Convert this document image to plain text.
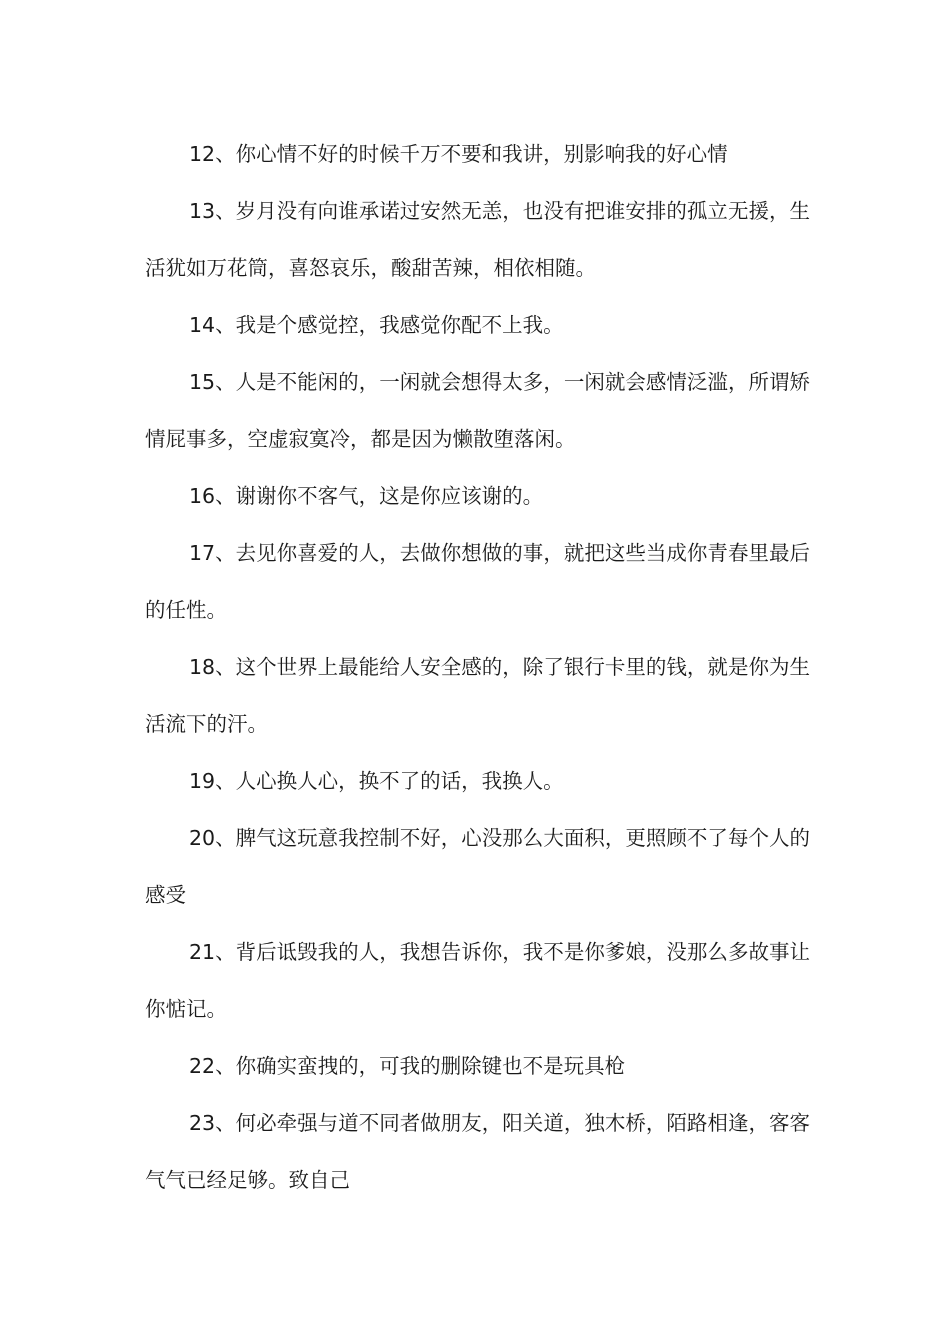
12、你心情不好的时候千万不要和我讲，别影响我的好心情

13、岁月没有向谁承诺过安然无恙，也没有把谁安排的孤立无援，生活犹如万花筒，喜怒哀乐，酸甜苦辣，相依相随。

14、我是个感觉控，我感觉你配不上我。

15、人是不能闲的，一闲就会想得太多，一闲就会感情泛滥，所谓矫情屁事多，空虚寂寞冷，都是因为懒散堕落闲。

16、谢谢你不客气，这是你应该谢的。

17、去见你喜爱的人，去做你想做的事，就把这些当成你青春里最后的任性。

18、这个世界上最能给人安全感的，除了银行卡里的钱，就是你为生活流下的汗。

19、人心换人心，换不了的话，我换人。

20、脾气这玩意我控制不好，心没那么大面积，更照顾不了每个人的感受

21、背后诋毁我的人，我想告诉你，我不是你爹娘，没那么多故事让你惦记。

22、你确实蛮拽的，可我的删除键也不是玩具枪

23、何必牵强与道不同者做朋友，阳关道，独木桥，陌路相逢，客客气气已经足够。致自己
